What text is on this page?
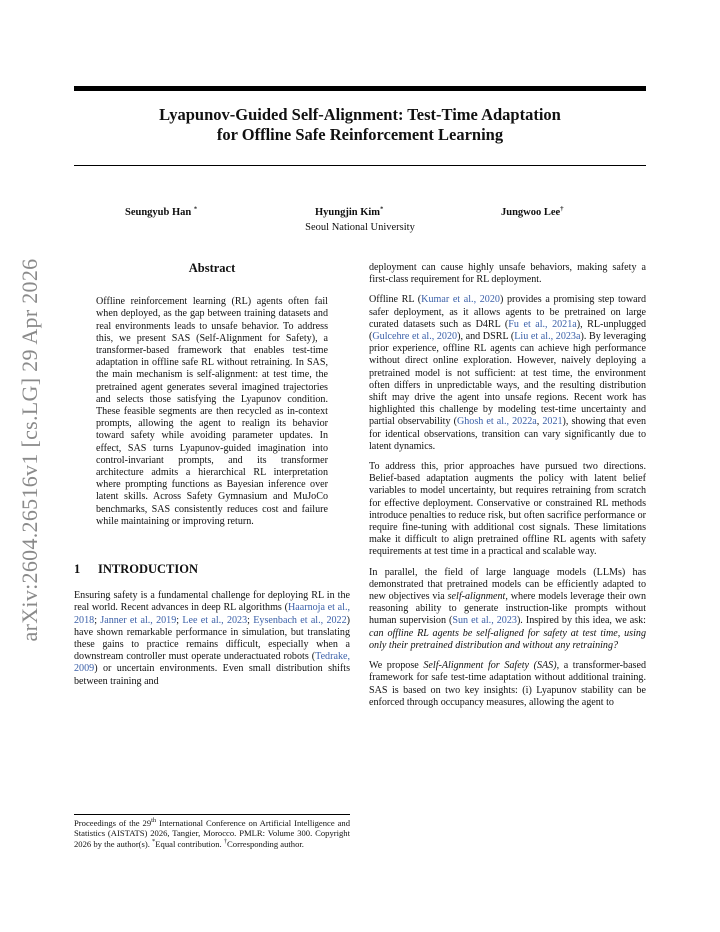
Lyapunov-Guided Self-Alignment: Test-Time Adaptation
for Offline Safe Reinforcement Learning
Seungyub Han *	Hyungjin Kim*	Jungwoo Lee†
Seoul National University
arXiv:2604.26516v1 [cs.LG] 29 Apr 2026	Abstract
Offline reinforcement learning (RL) agents often fail when deployed, as the gap between training datasets and real environments leads to unsafe behavior. To address this, we present SAS (Self-Alignment for Safety), a transformer-based framework that enables test-time adaptation in offline safe RL without retraining. In SAS, the main mechanism is self-alignment: at test time, the pretrained agent generates several imagined trajectories and selects those satisfying the Lyapunov condition. These feasible segments are then recycled as in-context prompts, allowing the agent to realign its behavior toward safety while avoiding parameter updates. In effect, SAS turns Lyapunov-guided imagination into control-invariant prompts, and its transformer architecture admits a hierarchical RL interpretation where prompting functions as Bayesian inference over latent skills. Across Safety Gymnasium and MuJoCo benchmarks, SAS consistently reduces cost and failure while maintaining or improving return.
1 INTRODUCTION

Ensuring safety is a fundamental challenge for deploying RL in the real world. Recent advances in deep RL algorithms (Haarnoja et al., 2018; Janner et al., 2019; Lee et al., 2023; Eysenbach et al., 2022) have shown remarkable performance in simulation, but translating these gains to practice remains difficult, especially when a downstream controller must operate underactuated robots (Tedrake, 2009) or uncertain environments. Even small distribution shifts between training and

Proceedings of the 29th International Conference on Artificial Intelligence and Statistics (AISTATS) 2026, Tangier, Morocco. PMLR: Volume 300. Copyright 2026 by the author(s). *Equal contribution. †Corresponding author.

deployment can cause highly unsafe behaviors, making safety a first-class requirement for RL deployment.

Offline RL (Kumar et al., 2020) provides a promising step toward safer deployment, as it allows agents to be pretrained on large curated datasets such as D4RL (Fu et al., 2021a), RL-unplugged (Gulcehre et al., 2020), and DSRL (Liu et al., 2023a). By leveraging prior experience, offline RL agents can achieve high performance without direct online exploration. However, naively deploying a pretrained model is not sufficient: at test time, the environment often differs in unpredictable ways, and the resulting distribution shift may drive the agent into unsafe regions. Recent work has highlighted this challenge by modeling test-time uncertainty and partial observability (Ghosh et al., 2022a, 2021), showing that even for identical observations, transition can vary significantly due to latent dynamics.

To address this, prior approaches have pursued two directions. Belief-based adaptation augments the policy with latent belief variables to model uncertainty, but requires retraining from scratch for effective deployment. Conservative or constrained RL methods introduce penalties to reduce risk, but often sacrifice performance or require fine-tuning with additional cost signals. These limitations make it difficult to align pretrained offline RL agents with safety requirements at test time in a practical and scalable way.

In parallel, the field of large language models (LLMs) has demonstrated that pretrained models can be efficiently adapted to new objectives via self-alignment, where models leverage their own reasoning ability to generate instruction-like prompts without human supervision (Sun et al., 2023). Inspired by this idea, we ask: can offline RL agents be self-aligned for safety at test time, using only their pretrained distribution and without any retraining?

We propose Self-Alignment for Safety (SAS), a transformer-based framework for safe test-time adaptation without additional training. SAS is based on two key insights: (i) Lyapunov stability can be enforced through occupancy measures, allowing the agent to
